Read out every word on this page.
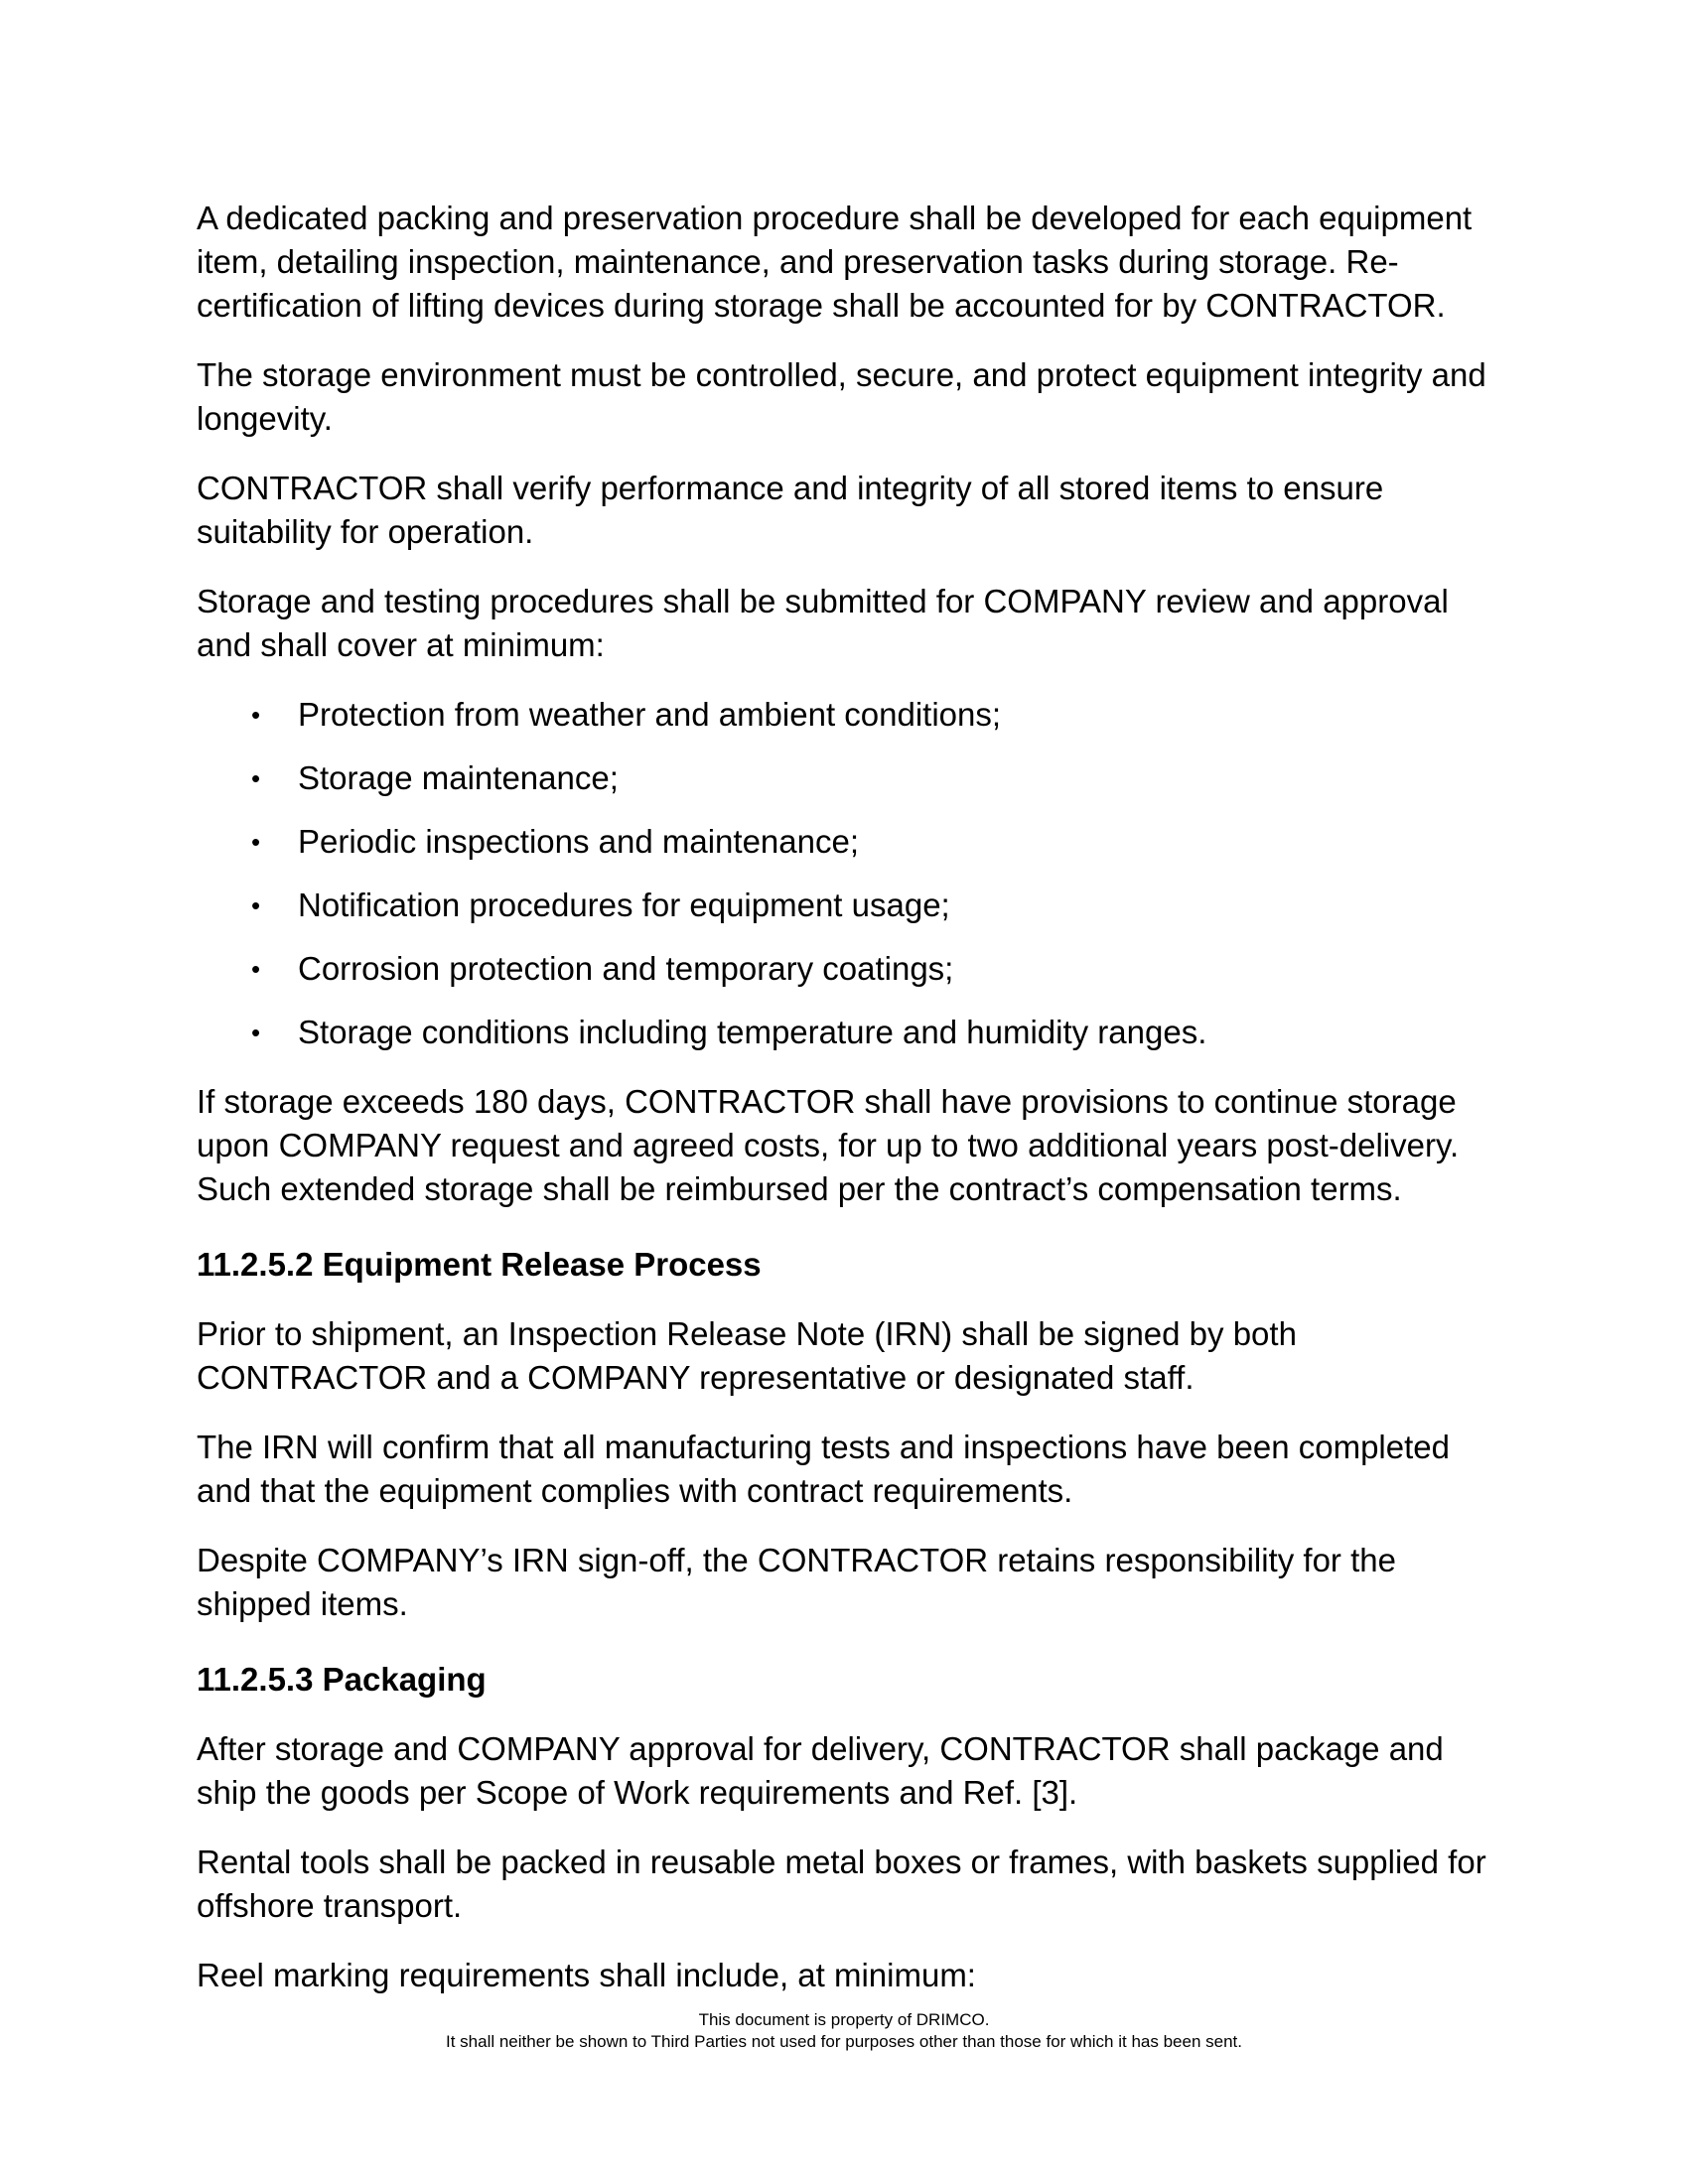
A dedicated packing and preservation procedure shall be developed for each equipment item, detailing inspection, maintenance, and preservation tasks during storage. Re-certification of lifting devices during storage shall be accounted for by CONTRACTOR.

The storage environment must be controlled, secure, and protect equipment integrity and longevity.

CONTRACTOR shall verify performance and integrity of all stored items to ensure suitability for operation.

Storage and testing procedures shall be submitted for COMPANY review and approval and shall cover at minimum:

• Protection from weather and ambient conditions;
• Storage maintenance;
• Periodic inspections and maintenance;
• Notification procedures for equipment usage;
• Corrosion protection and temporary coatings;
• Storage conditions including temperature and humidity ranges.

If storage exceeds 180 days, CONTRACTOR shall have provisions to continue storage upon COMPANY request and agreed costs, for up to two additional years post-delivery. Such extended storage shall be reimbursed per the contract’s compensation terms.

11.2.5.2 Equipment Release Process

Prior to shipment, an Inspection Release Note (IRN) shall be signed by both CONTRACTOR and a COMPANY representative or designated staff.

The IRN will confirm that all manufacturing tests and inspections have been completed and that the equipment complies with contract requirements.

Despite COMPANY’s IRN sign-off, the CONTRACTOR retains responsibility for the shipped items.

11.2.5.3 Packaging

After storage and COMPANY approval for delivery, CONTRACTOR shall package and ship the goods per Scope of Work requirements and Ref. [3].

Rental tools shall be packed in reusable metal boxes or frames, with baskets supplied for offshore transport.

Reel marking requirements shall include, at minimum:

This document is property of DRIMCO.
It shall neither be shown to Third Parties not used for purposes other than those for which it has been sent.
